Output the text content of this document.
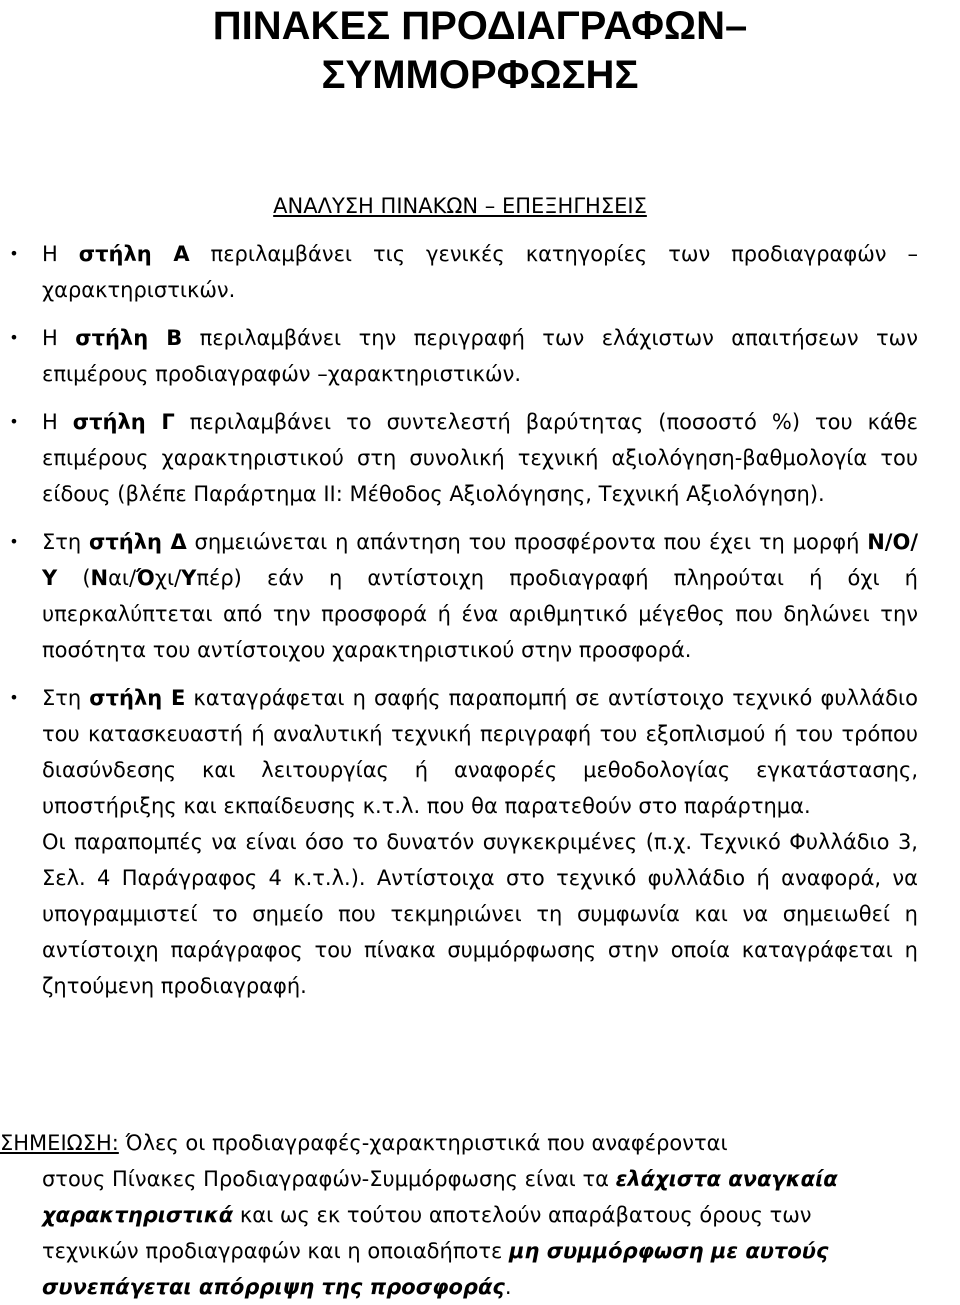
ΠΙΝΑΚΕΣ ΠΡΟΔΙΑΓΡΑΦΩΝ–
ΣΥΜΜΟΡΦΩΣΗΣ
ΑΝΑΛΥΣΗ ΠΙΝΑΚΩΝ – ΕΠΕΞΗΓΗΣΕΙΣ
• Η στήλη Α περιλαμβάνει τις γενικές κατηγορίες των προδιαγραφών – χαρακτηριστικών.

• Η στήλη Β περιλαμβάνει την περιγραφή των ελάχιστων απαιτήσεων των επιμέρους προδιαγραφών –χαρακτηριστικών.

• Η στήλη Γ περιλαμβάνει το συντελεστή βαρύτητας (ποσοστό %) του κάθε επιμέρους χαρακτηριστικού στη συνολική τεχνική αξιολόγηση-βαθμολογία του είδους (βλέπε Παράρτημα ΙΙ: Μέθοδος Αξιολόγησης, Τεχνική Αξιολόγηση).

• Στη στήλη Δ σημειώνεται η απάντηση του προσφέροντα που έχει τη μορφή Ν/Ο/Υ (Ναι/Όχι/Υπέρ) εάν η αντίστοιχη προδιαγραφή πληρούται ή όχι ή υπερκαλύπτεται από την προσφορά ή ένα αριθμητικό μέγεθος που δηλώνει την ποσότητα του αντίστοιχου χαρακτηριστικού στην προσφορά.

• Στη στήλη Ε καταγράφεται η σαφής παραπομπή σε αντίστοιχο τεχνικό φυλλάδιο του κατασκευαστή ή αναλυτική τεχνική περιγραφή του εξοπλισμού ή του τρόπου διασύνδεσης και λειτουργίας ή αναφορές μεθοδολογίας εγκατάστασης, υποστήριξης και εκπαίδευσης κ.τ.λ. που θα παρατεθούν στο παράρτημα.

Οι παραπομπές να είναι όσο το δυνατόν συγκεκριμένες (π.χ. Τεχνικό Φυλλάδιο 3, Σελ. 4 Παράγραφος 4 κ.τ.λ.). Αντίστοιχα στο τεχνικό φυλλάδιο ή αναφορά, να υπογραμμιστεί το σημείο που τεκμηριώνει τη συμφωνία και να σημειωθεί η αντίστοιχη παράγραφος του πίνακα συμμόρφωσης στην οποία καταγράφεται η ζητούμενη προδιαγραφή.

ΣΗΜΕΙΩΣΗ: Όλες οι προδιαγραφές-χαρακτηριστικά που αναφέρονται
στους Πίνακες Προδιαγραφών-Συμμόρφωσης είναι τα ελάχιστα αναγκαία χαρακτηριστικά και ως εκ τούτου αποτελούν απαράβατους όρους των τεχνικών προδιαγραφών και η οποιαδήποτε μη συμμόρφωση με αυτούς συνεπάγεται απόρριψη της προσφοράς.
